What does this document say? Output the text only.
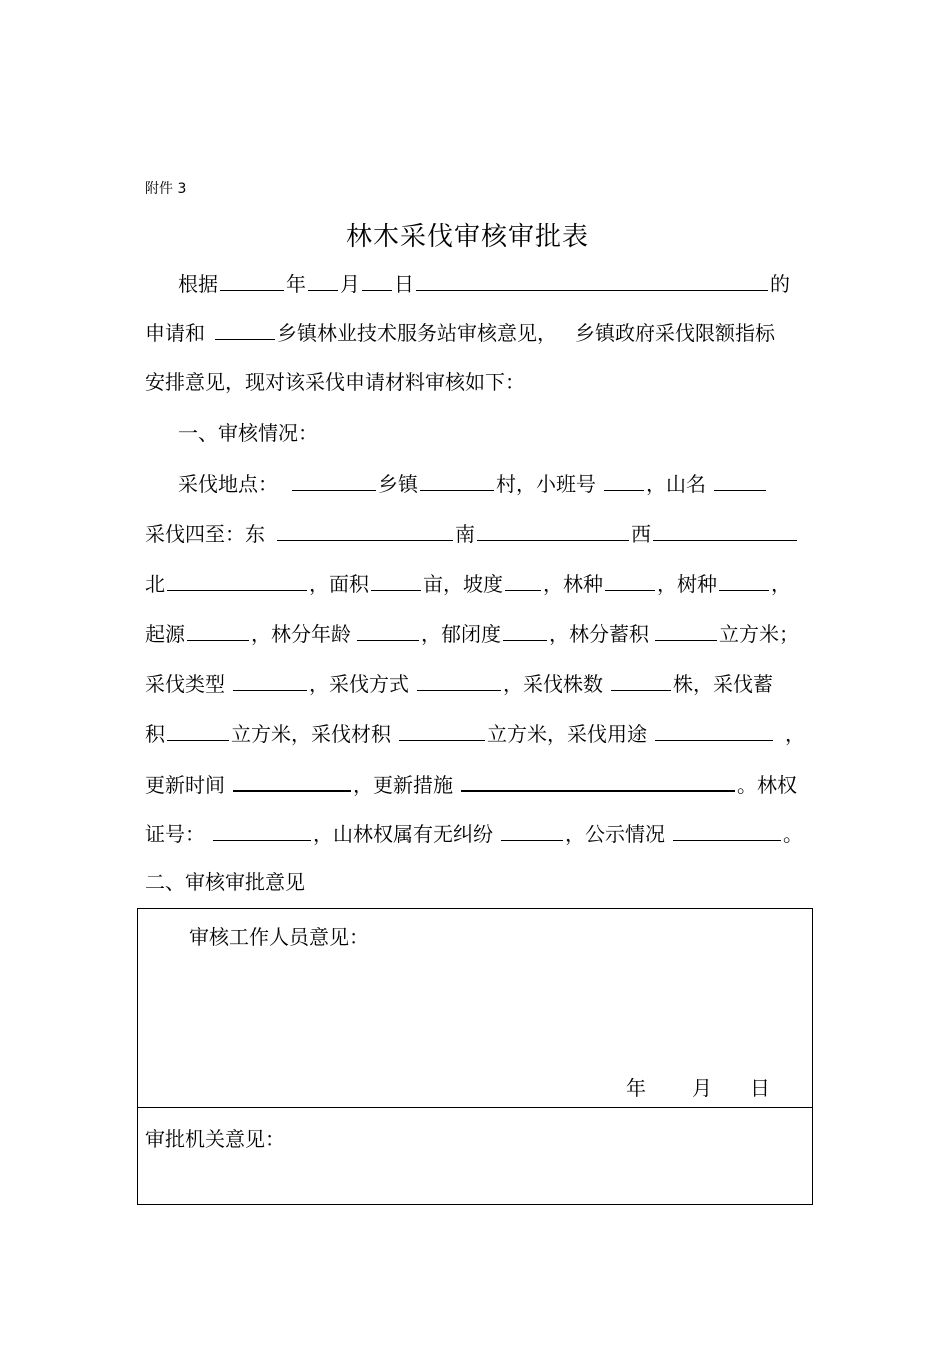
附件 3
林木采伐审核审批表
根据	年 月 日	的
申请和	乡镇林业技术服务站审核意见， 乡镇政府采伐限额指标
安排意见，现对该采伐申请材料审核如下：
一、审核情况：
采伐地点：	乡镇	村，小班号	，山名
采伐四至：东	南	西
北	，面积	亩，坡度 ，林种	，树种	，
起源	，林分年龄	，郁闭度 ，林分蓄积	立方米；
采伐类型	，采伐方式	，采伐株数	株，采伐蓄
积	立方米，采伐材积	立方米，采伐用途	，
更新时间	，更新措施	。林权
证号：	，山林权属有无纠纷	，公示情况	。
二、审核审批意见
审核工作人员意见：
年 月 日
审批机关意见：
